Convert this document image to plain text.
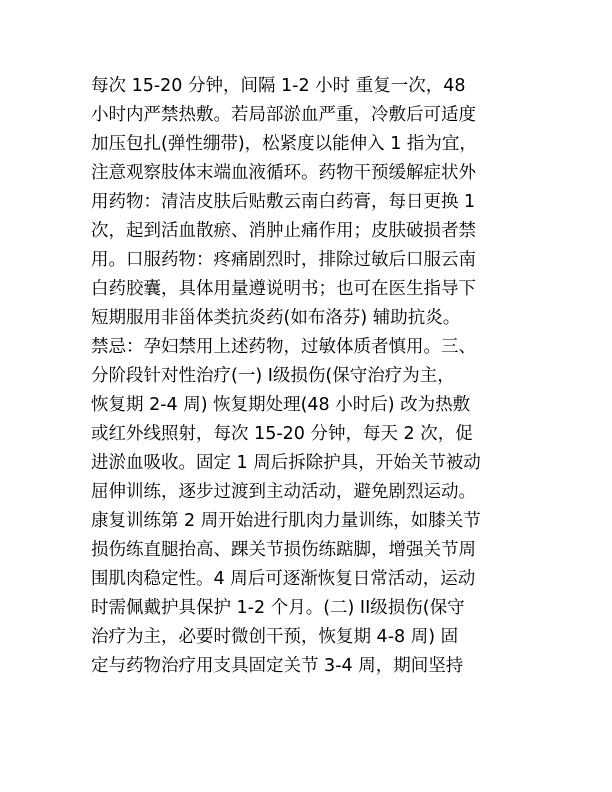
每次 15-20 分钟，间隔 1-2 小时 重复一次，48
小时内严禁热敷。若局部淤血严重，冷敷后可适度
加压包扎(弹性绷带)，松紧度以能伸入 1 指为宜，
注意观察肢体末端血液循环。药物干预缓解症状外
用药物：清洁皮肤后贴敷云南白药膏，每日更换 1
次，起到活血散瘀、消肿止痛作用；皮肤破损者禁
用。口服药物：疼痛剧烈时，排除过敏后口服云南
白药胶囊，具体用量遵说明书；也可在医生指导下
短期服用非甾体类抗炎药(如布洛芬) 辅助抗炎。
禁忌：孕妇禁用上述药物，过敏体质者慎用。三、
分阶段针对性治疗(一) I级损伤(保守治疗为主，
恢复期 2-4 周) 恢复期处理(48 小时后) 改为热敷
或红外线照射，每次 15-20 分钟，每天 2 次，促
进淤血吸收。固定 1 周后拆除护具，开始关节被动
屈伸训练，逐步过渡到主动活动，避免剧烈运动。
康复训练第 2 周开始进行肌肉力量训练，如膝关节
损伤练直腿抬高、踝关节损伤练踮脚，增强关节周
围肌肉稳定性。4 周后可逐渐恢复日常活动，运动
时需佩戴护具保护 1-2 个月。(二) II级损伤(保守
治疗为主，必要时微创干预，恢复期 4-8 周) 固
定与药物治疗用支具固定关节 3-4 周，期间坚持
